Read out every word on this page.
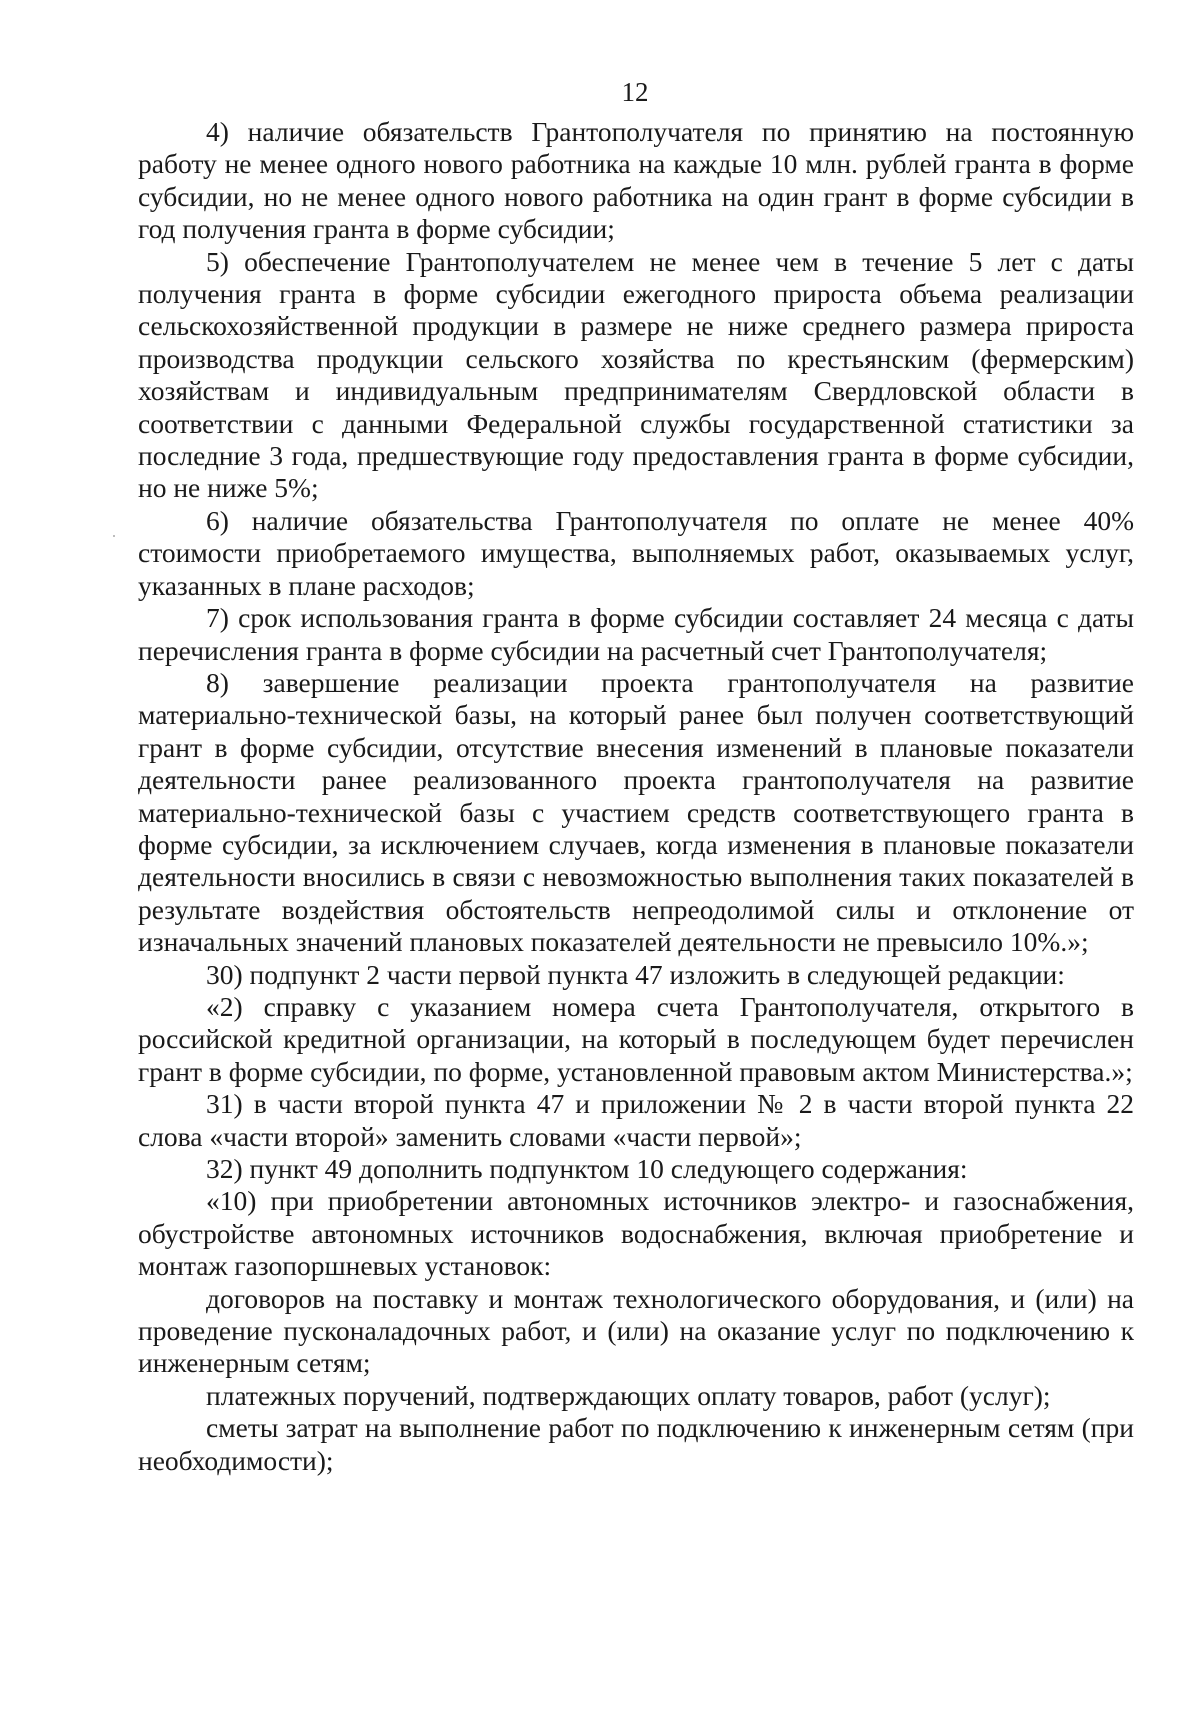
12

4) наличие обязательств Грантополучателя по принятию на постоянную работу не менее одного нового работника на каждые 10 млн. рублей гранта в форме субсидии, но не менее одного нового работника на один грант в форме субсидии в год получения гранта в форме субсидии;

5) обеспечение Грантополучателем не менее чем в течение 5 лет с даты получения гранта в форме субсидии ежегодного прироста объема реализации сельскохозяйственной продукции в размере не ниже среднего размера прироста производства продукции сельского хозяйства по крестьянским (фермерским) хозяйствам и индивидуальным предпринимателям Свердловской области в соответствии с данными Федеральной службы государственной статистики за последние 3 года, предшествующие году предоставления гранта в форме субсидии, но не ниже 5%;

6) наличие обязательства Грантополучателя по оплате не менее 40% стоимости приобретаемого имущества, выполняемых работ, оказываемых услуг, указанных в плане расходов;

7) срок использования гранта в форме субсидии составляет 24 месяца с даты перечисления гранта в форме субсидии на расчетный счет Грантополучателя;

8) завершение реализации проекта грантополучателя на развитие материально-технической базы, на который ранее был получен соответствующий грант в форме субсидии, отсутствие внесения изменений в плановые показатели деятельности ранее реализованного проекта грантополучателя на развитие материально-технической базы с участием средств соответствующего гранта в форме субсидии, за исключением случаев, когда изменения в плановые показатели деятельности вносились в связи с невозможностью выполнения таких показателей в результате воздействия обстоятельств непреодолимой силы и отклонение от изначальных значений плановых показателей деятельности не превысило 10%.»;

30) подпункт 2 части первой пункта 47 изложить в следующей редакции:

«2) справку с указанием номера счета Грантополучателя, открытого в российской кредитной организации, на который в последующем будет перечислен грант в форме субсидии, по форме, установленной правовым актом Министерства.»;

31) в части второй пункта 47 и приложении № 2 в части второй пункта 22 слова «части второй» заменить словами «части первой»;

32) пункт 49 дополнить подпунктом 10 следующего содержания:

«10) при приобретении автономных источников электро- и газоснабжения, обустройстве автономных источников водоснабжения, включая приобретение и монтаж газопоршневых установок:

договоров на поставку и монтаж технологического оборудования, и (или) на проведение пусконаладочных работ, и (или) на оказание услуг по подключению к инженерным сетям;

платежных поручений, подтверждающих оплату товаров, работ (услуг);

сметы затрат на выполнение работ по подключению к инженерным сетям (при необходимости);
